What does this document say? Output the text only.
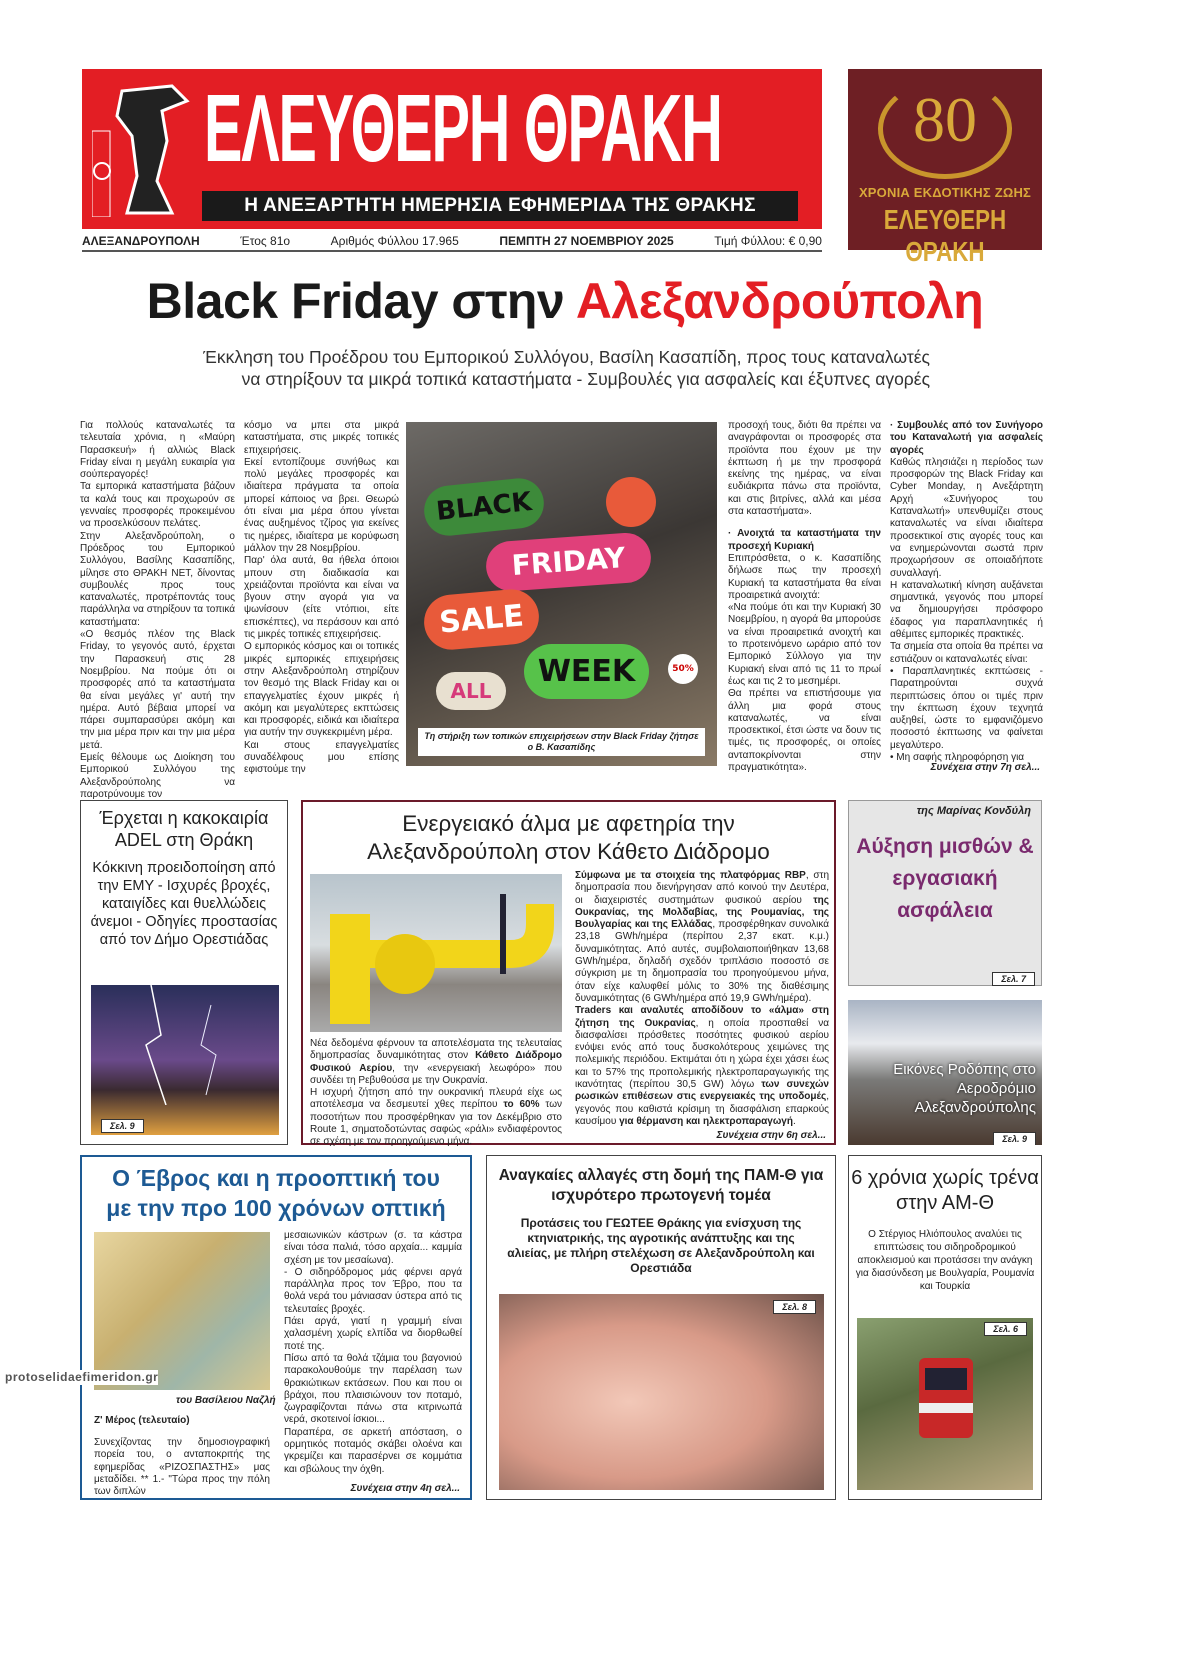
ΕΛΕΥΘΕΡΗ ΘΡΑΚΗ
Η ΑΝΕΞΑΡΤΗΤΗ ΗΜΕΡΗΣΙΑ ΕΦΗΜΕΡΙΔΑ ΤΗΣ ΘΡΑΚΗΣ
80
ΧΡΟΝΙΑ ΕΚΔΟΤΙΚΗΣ ΖΩΗΣ
ΕΛΕΥΘΕΡΗ ΘΡΑΚΗ
ΑΛΕΞΑΝΔΡΟΥΠΟΛΗ	Έτος 81ο	Αριθμός Φύλλου 17.965	ΠΕΜΠΤΗ 27 ΝΟΕΜΒΡΙΟΥ 2025	Τιμή Φύλλου: € 0,90
Black Friday στην Αλεξανδρούπολη
Έκκληση του Προέδρου του Εμπορικού Συλλόγου, Βασίλη Κασαπίδη, προς τους καταναλωτές
να στηρίξουν τα μικρά τοπικά καταστήματα - Συμβουλές για ασφαλείς και έξυπνες αγορές

Για πολλούς καταναλωτές τα τελευταία χρόνια, η «Μαύρη Παρασκευή» ή αλλιώς Black Friday είναι η μεγάλη ευκαιρία για σούπεραγορές!

Τα εμπορικά καταστήματα βάζουν τα καλά τους και προχωρούν σε γενναίες προσφορές προκειμένου να προσελκύσουν πελάτες.

Στην Αλεξανδρούπολη, ο Πρόεδρος του Εμπορικού Συλλόγου, Βασίλης Κασαπίδης, μίλησε στο ΘΡΑΚΗ ΝΕΤ, δίνοντας συμβουλές προς τους καταναλωτές, προτρέποντάς τους παράλληλα να στηρίξουν τα τοπικά καταστήματα:

«Ο θεσμός πλέον της Black Friday, το γεγονός αυτό, έρχεται την Παρασκευή στις 28 Νοεμβρίου. Να πούμε ότι οι προσφορές από τα καταστήματα θα είναι μεγάλες γι' αυτή την ημέρα. Αυτό βέβαια μπορεί να πάρει συμπαρασύρει ακόμη και την μια μέρα πριν και την μια μέρα μετά.

Εμείς θέλουμε ως Διοίκηση του Εμπορικού Συλλόγου της Αλεξανδρούπολης να παροτρύνουμε τον

κόσμο να μπει στα μικρά καταστήματα, στις μικρές τοπικές επιχειρήσεις.

Εκεί εντοπίζουμε συνήθως και πολύ μεγάλες προσφορές και ιδιαίτερα πράγματα τα οποία μπορεί κάποιος να βρει. Θεωρώ ότι είναι μια μέρα όπου γίνεται ένας αυξημένος τζίρος για εκείνες τις ημέρες, ιδιαίτερα με κορύφωση μάλλον την 28 Νοεμβρίου.

Παρ' όλα αυτά, θα ήθελα όποιοι μπουν στη διαδικασία και χρειάζονται προϊόντα και είναι να βγουν στην αγορά για να ψωνίσουν (είτε ντόπιοι, είτε επισκέπτες), να περάσουν και από τις μικρές τοπικές επιχειρήσεις.

Ο εμπορικός κόσμος και οι τοπικές μικρές εμπορικές επιχειρήσεις στην Αλεξανδρούπολη στηρίζουν τον θεσμό της Black Friday και οι επαγγελματίες έχουν μικρές ή ακόμη και μεγαλύτερες εκπτώσεις και προσφορές, ειδικά και ιδιαίτερα για αυτήν την συγκεκριμένη μέρα.

Και στους επαγγελματίες συναδέλφους μου επίσης εφιστούμε την

BLACK
FRIDAY
SALE
ALL
WEEK	50%
Τη στήριξη των τοπικών επιχειρήσεων στην Black Friday ζήτησε ο Β. Κασαπίδης

προσοχή τους, διότι θα πρέπει να αναγράφονται οι προσφορές στα προϊόντα που έχουν με την έκπτωση ή με την προσφορά εκείνης της ημέρας, να είναι ευδιάκριτα πάνω στα προϊόντα, και στις βιτρίνες, αλλά και μέσα στα καταστήματα».

· Ανοιχτά τα καταστήματα την προσεχή Κυριακή

Επιπρόσθετα, ο κ. Κασαπίδης δήλωσε πως την προσεχή Κυριακή τα καταστήματα θα είναι προαιρετικά ανοιχτά:

«Να πούμε ότι και την Κυριακή 30 Νοεμβρίου, η αγορά θα μπορούσε να είναι προαιρετικά ανοιχτή και το προτεινόμενο ωράριο από τον Εμπορικό Σύλλογο για την Κυριακή είναι από τις 11 το πρωί έως και τις 2 το μεσημέρι.

Θα πρέπει να επιστήσουμε για άλλη μια φορά στους καταναλωτές, να είναι προσεκτικοί, έτσι ώστε να δουν τις τιμές, τις προσφορές, οι οποίες ανταποκρίνονται στην πραγματικότητα».

· Συμβουλές από τον Συνήγορο του Καταναλωτή για ασφαλείς αγορές

Καθώς πλησιάζει η περίοδος των προσφορών της Black Friday και Cyber Monday, η Ανεξάρτητη Αρχή «Συνήγορος του Καταναλωτή» υπενθυμίζει στους καταναλωτές να είναι ιδιαίτερα προσεκτικοί στις αγορές τους και να ενημερώνονται σωστά πριν προχωρήσουν σε οποιαδήποτε συναλλαγή.

Η καταναλωτική κίνηση αυξάνεται σημαντικά, γεγονός που μπορεί να δημιουργήσει πρόσφορο έδαφος για παραπλανητικές ή αθέμιτες εμπορικές πρακτικές.

Τα σημεία στα οποία θα πρέπει να εστιάζουν οι καταναλωτές είναι:

• Παραπλανητικές εκπτώσεις - Παρατηρούνται συχνά περιπτώσεις όπου οι τιμές πριν την έκπτωση έχουν τεχνητά αυξηθεί, ώστε το εμφανιζόμενο ποσοστό έκπτωσης να φαίνεται μεγαλύτερο.

• Μη σαφής πληροφόρηση για

Συνέχεια στην 7η σελ...
Έρχεται η κακοκαιρία ADEL στη Θράκη
Κόκκινη προειδοποίηση από την ΕΜΥ - Ισχυρές βροχές, καταιγίδες και θυελλώδεις άνεμοι - Οδηγίες προστασίας από τον Δήμο Ορεστιάδας
Σελ. 9
Ενεργειακό άλμα με αφετηρία την
Αλεξανδρούπολη στον Κάθετο Διάδρομο

Νέα δεδομένα φέρνουν τα αποτελέσματα της τελευταίας δημοπρασίας δυναμικότητας στον Κάθετο Διάδρομο Φυσικού Αερίου, την «ενεργειακή λεωφόρο» που συνδέει τη Ρεβυθούσα με την Ουκρανία.

Η ισχυρή ζήτηση από την ουκρανική πλευρά είχε ως αποτέλεσμα να δεσμευτεί χθες περίπου το 60% των ποσοτήτων που προσφέρθηκαν για τον Δεκέμβριο στο Route 1, σηματοδοτώντας σαφώς «ράλι» ενδιαφέροντος σε σχέση με τον προηγούμενο μήνα.

Σύμφωνα με τα στοιχεία της πλατφόρμας RBP, στη δημοπρασία που διενήργησαν από κοινού την Δευτέρα, οι διαχειριστές συστημάτων φυσικού αερίου της Ουκρανίας, της Μολδαβίας, της Ρουμανίας, της Βουλγαρίας και της Ελλάδας, προσφέρθηκαν συνολικά 23,18 GWh/ημέρα (περίπου 2,37 εκατ. κ.μ.) δυναμικότητας. Από αυτές, συμβολαιοποιήθηκαν 13,68 GWh/ημέρα, δηλαδή σχεδόν τριπλάσιο ποσοστό σε σύγκριση με τη δημοπρασία του προηγούμενου μήνα, όταν είχε καλυφθεί μόλις το 30% της διαθέσιμης δυναμικότητας (6 GWh/ημέρα από 19,9 GWh/ημέρα).

Traders και αναλυτές αποδίδουν το «άλμα» στη ζήτηση της Ουκρανίας, η οποία προσπαθεί να διασφαλίσει πρόσθετες ποσότητες φυσικού αερίου ενόψει ενός από τους δυσκολότερους χειμώνες της πολεμικής περιόδου. Εκτιμάται ότι η χώρα έχει χάσει έως και το 57% της προπολεμικής ηλεκτροπαραγωγικής της ικανότητας (περίπου 30,5 GW) λόγω των συνεχών ρωσικών επιθέσεων στις ενεργειακές της υποδομές, γεγονός που καθιστά κρίσιμη τη διασφάλιση επαρκούς καυσίμου για θέρμανση και ηλεκτροπαραγωγή.

Συνέχεια στην 6η σελ...
της Μαρίνας Κονδύλη
Αύξηση μισθών & εργασιακή ασφάλεια
Σελ. 7
Εικόνες Ροδόπης στο Αεροδρόμιο Αλεξανδρούπολης
Σελ. 9
Ο Έβρος και η προοπτική του
με την προ 100 χρόνων οπτική
του Βασίλειου Ναζλή
Ζ' Μέρος (τελευταίο)
Συνεχίζοντας την δημοσιογραφική πορεία του, ο ανταποκριτής της εφημερίδας «ΡΙΖΟΣΠΑΣΤΗΣ» μας μεταδίδει. ** 1.- "Τώρα προς την πόλη των διπλών

μεσαιωνικών κάστρων (σ. τα κάστρα είναι τόσα παλιά, τόσο αρχαία... καμμία σχέση με τον μεσαίωνα).

- Ο σιδηρόδρομος μάς φέρνει αργά παράλληλα προς τον Έβρο, που τα θολά νερά του μάνιασαν ύστερα από τις τελευταίες βροχές.

Πάει αργά, γιατί η γραμμή είναι χαλασμένη χωρίς ελπίδα να διορθωθεί ποτέ της.

Πίσω από τα θολά τζάμια του βαγονιού παρακολουθούμε την παρέλαση των θρακιώτικων εκτάσεων. Που και που οι βράχοι, που πλαισιώνουν τον ποταμό, ζωγραφίζονται πάνω στα κιτρινωπά νερά, σκοτεινοί ίσκιοι...

Παραπέρα, σε αρκετή απόσταση, ο ορμητικός ποταμός σκάβει ολοένα και γκρεμίζει και παρασέρνει σε κομμάτια και σβώλους την όχθη.

Συνέχεια στην 4η σελ...
Αναγκαίες αλλαγές στη δομή της ΠΑΜ-Θ για ισχυρότερο πρωτογενή τομέα
Προτάσεις του ΓΕΩΤΕΕ Θράκης για ενίσχυση της κτηνιατρικής, της αγροτικής ανάπτυξης και της αλιείας, με πλήρη στελέχωση σε Αλεξανδρούπολη και Ορεστιάδα
Σελ. 8
6 χρόνια χωρίς τρένα στην ΑΜ-Θ
Ο Στέργιος Ηλιόπουλος αναλύει τις επιπτώσεις του σιδηροδρομικού αποκλεισμού και προτάσσει την ανάγκη για διασύνδεση με Βουλγαρία, Ρουμανία και Τουρκία
Σελ. 6
protoselidaefimeridon.gr
